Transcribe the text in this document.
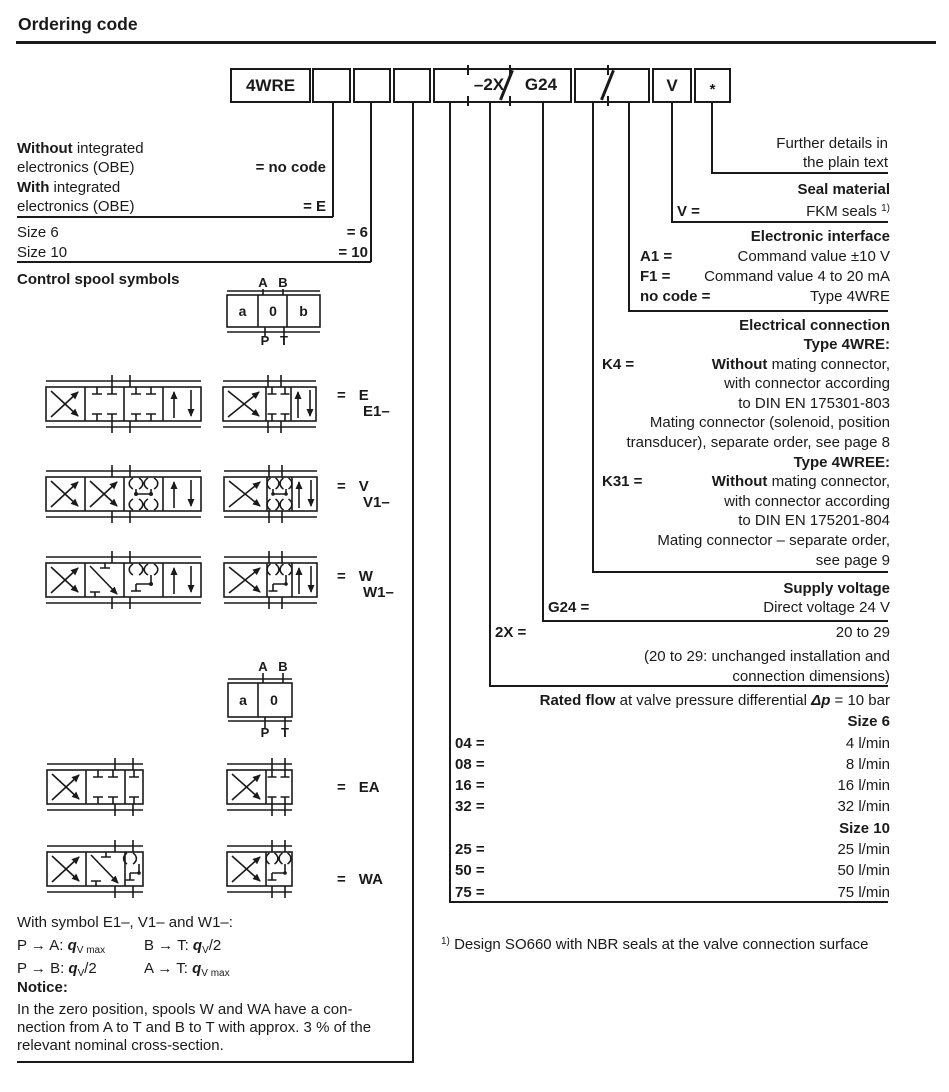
Ordering code
4WRE	V *
–2X	G24
Without integrated
electronics (OBE)	= no code
With integrated
electronics (OBE)	= E
Size 6	= 6
Size 10	= 10
Control spool symbols	A B
a 0 b
P T
= E
E1–
= V
V1–
= W
W1–
A B
a 0
P T
= EA
= WA
With symbol E1–, V1– and W1–:
P → A: $q_{V max}$	B → T: $q_V/2$
P → B: $q_V/2$	A → T: $q_{V max}$
Notice:
In the zero position, spools W and WA have a con-
nection from A to T and B to T with approx. 3 % of the
relevant nominal cross-section.
Further details in
the plain text
Seal material
V =	FKM seals $^{1)}$
Electronic interface
A1 =	Command value ±10 V
F1 = Command value 4 to 20 mA
no code =	Type 4WRE
Electrical connection
Type 4WRE:
K4 =	Without mating connector,
with connector according
to DIN EN 175301-803
Mating connector (solenoid, position
transducer), separate order, see page 8
Type 4WREE:
K31 =	Without mating connector,
with connector according
to DIN EN 175201-804
Mating connector – separate order,
see page 9
Supply voltage
G24 =	Direct voltage 24 V
2X =	20 to 29
(20 to 29: unchanged installation and
connection dimensions)
Rated flow at valve pressure differential Δp = 10 bar
Size 6
04 =	4 l/min
08 =	8 l/min
16 =	16 l/min
32 =	32 l/min
Size 10
25 =	25 l/min
50 =	50 l/min
75 =	75 l/min
$^{1)}$ Design SO660 with NBR seals at the valve connection surface
